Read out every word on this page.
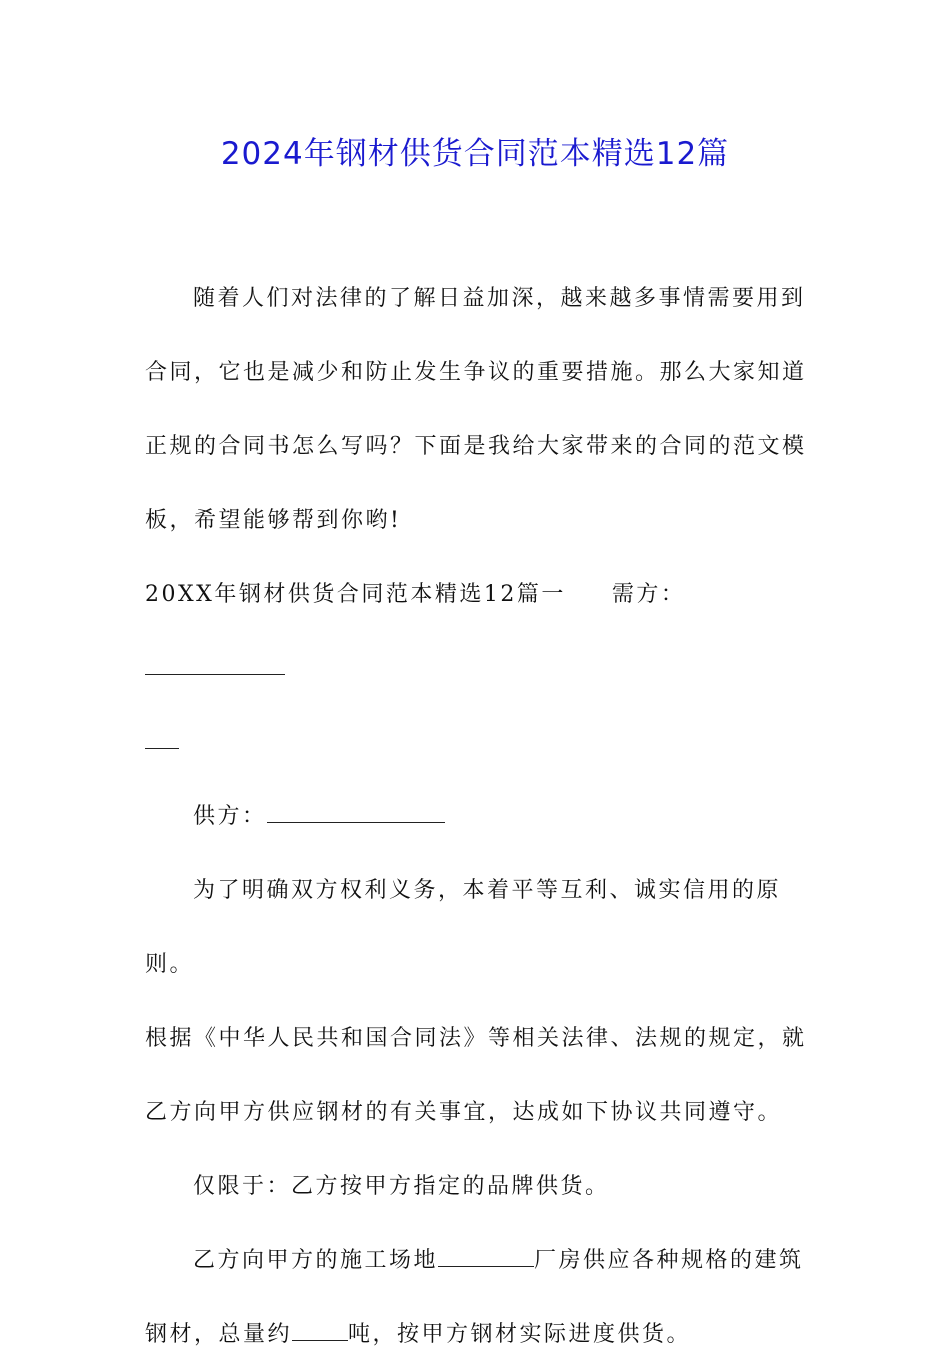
2024年钢材供货合同范本精选12篇

随着人们对法律的了解日益加深，越来越多事情需要用到

合同，它也是减少和防止发生争议的重要措施。那么大家知道

正规的合同书怎么写吗？下面是我给大家带来的合同的范文模

板，希望能够帮到你哟!

20XX年钢材供货合同范本精选12篇一 需方：

供方：

为了明确双方权利义务，本着平等互利、诚实信用的原则。

根据《中华人民共和国合同法》等相关法律、法规的规定，就

乙方向甲方供应钢材的有关事宜，达成如下协议共同遵守。

仅限于：乙方按甲方指定的品牌供货。

乙方向甲方的施工场地	厂房供应各种规格的建筑

钢材，总量约	吨，按甲方钢材实际进度供货。
